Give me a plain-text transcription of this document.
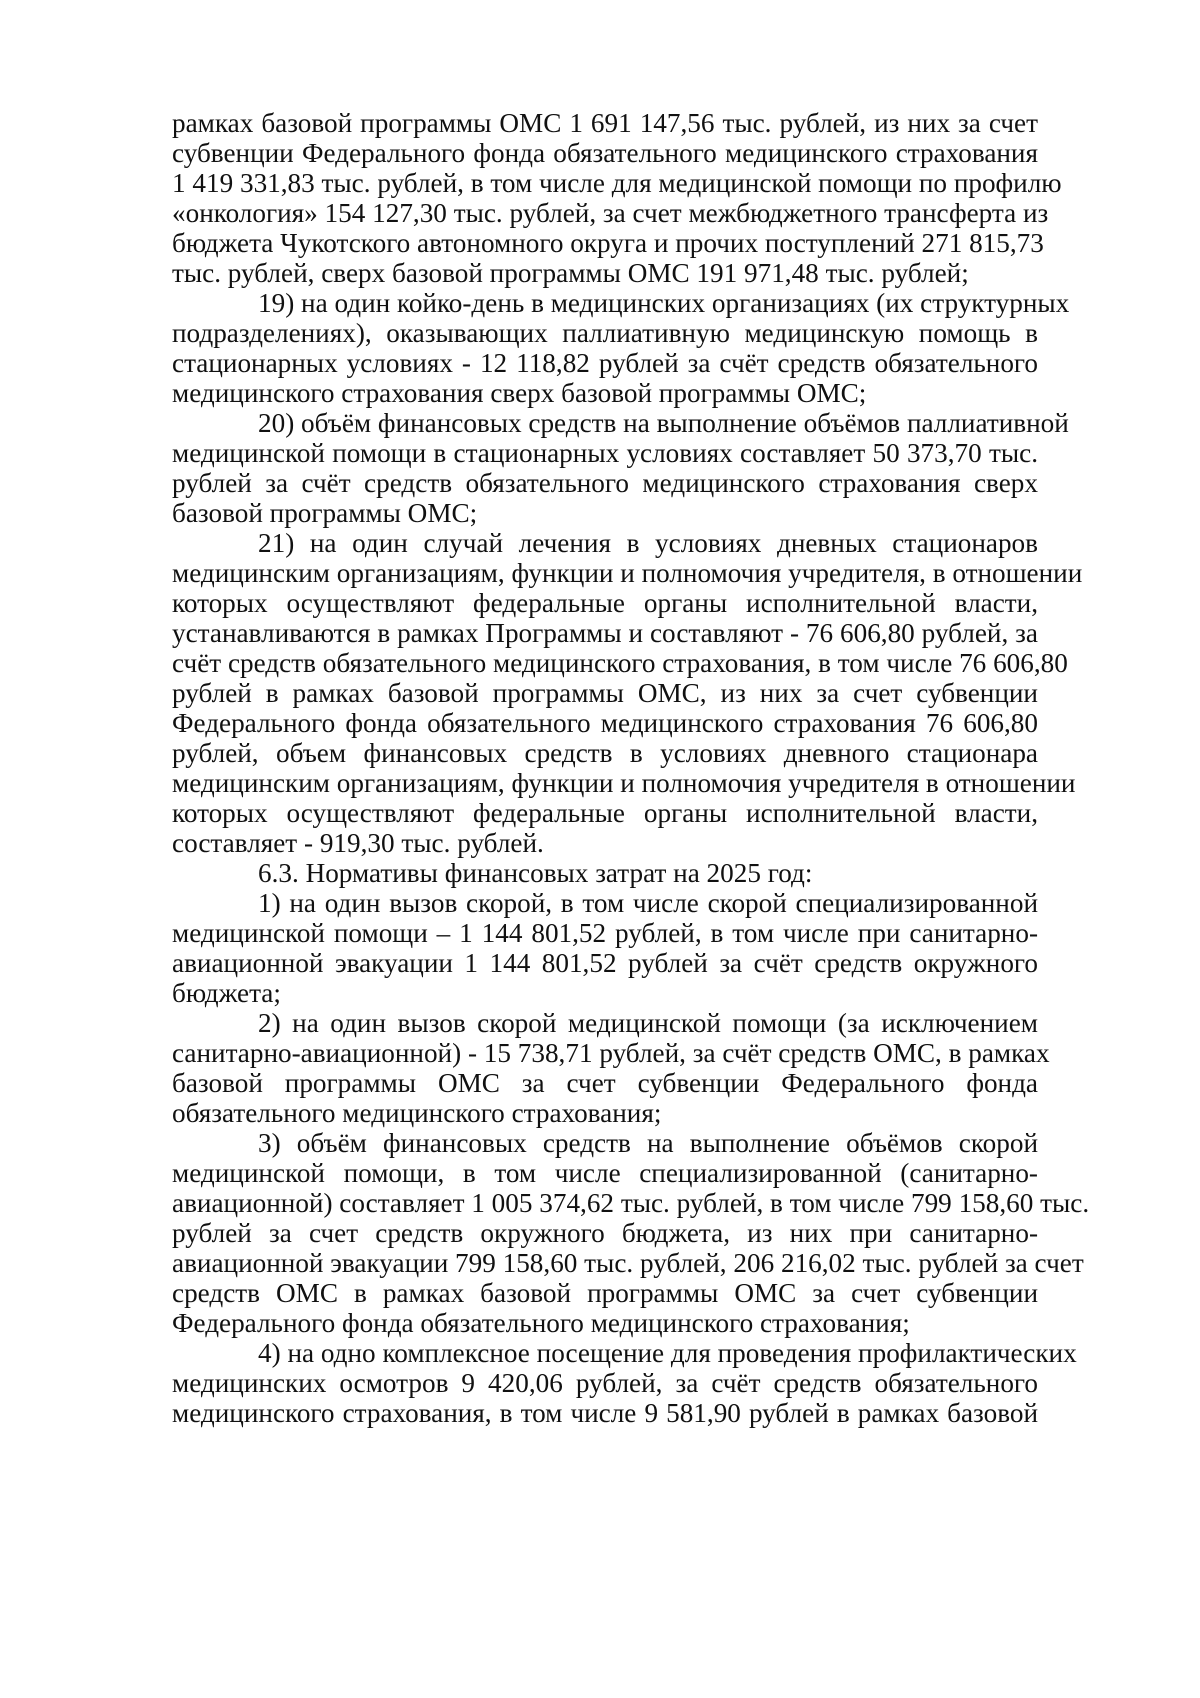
рамках базовой программы ОМС 1 691 147,56 тыс. рублей, из них за счет
субвенции Федерального фонда обязательного медицинского страхования
1 419 331,83 тыс. рублей, в том числе для медицинской помощи по профилю
«онкология» 154 127,30 тыс. рублей, за счет межбюджетного трансферта из
бюджета Чукотского автономного округа и прочих поступлений 271 815,73
тыс. рублей, сверх базовой программы ОМС 191 971,48 тыс. рублей;
19) на один койко-день в медицинских организациях (их структурных
подразделениях), оказывающих паллиативную медицинскую помощь в
стационарных условиях - 12 118,82 рублей за счёт средств обязательного
медицинского страхования сверх базовой программы ОМС;
20) объём финансовых средств на выполнение объёмов паллиативной
медицинской помощи в стационарных условиях составляет 50 373,70 тыс.
рублей за счёт средств обязательного медицинского страхования сверх
базовой программы ОМС;
21) на один случай лечения в условиях дневных стационаров
медицинским организациям, функции и полномочия учредителя, в отношении
которых осуществляют федеральные органы исполнительной власти,
устанавливаются в рамках Программы и составляют - 76 606,80 рублей, за
счёт средств обязательного медицинского страхования, в том числе 76 606,80
рублей в рамках базовой программы ОМС, из них за счет субвенции
Федерального фонда обязательного медицинского страхования 76 606,80
рублей, объем финансовых средств в условиях дневного стационара
медицинским организациям, функции и полномочия учредителя в отношении
которых осуществляют федеральные органы исполнительной власти,
составляет - 919,30 тыс. рублей.
6.3. Нормативы финансовых затрат на 2025 год:
1) на один вызов скорой, в том числе скорой специализированной
медицинской помощи – 1 144 801,52 рублей, в том числе при санитарно-
авиационной эвакуации 1 144 801,52 рублей за счёт средств окружного
бюджета;
2) на один вызов скорой медицинской помощи (за исключением
санитарно-авиационной) - 15 738,71 рублей, за счёт средств ОМС, в рамках
базовой программы ОМС за счет субвенции Федерального фонда
обязательного медицинского страхования;
3) объём финансовых средств на выполнение объёмов скорой
медицинской помощи, в том числе специализированной (санитарно-
авиационной) составляет 1 005 374,62 тыс. рублей, в том числе 799 158,60 тыс.
рублей за счет средств окружного бюджета, из них при санитарно-
авиационной эвакуации 799 158,60 тыс. рублей, 206 216,02 тыс. рублей за счет
средств ОМС в рамках базовой программы ОМС за счет субвенции
Федерального фонда обязательного медицинского страхования;
4) на одно комплексное посещение для проведения профилактических
медицинских осмотров 9 420,06 рублей, за счёт средств обязательного
медицинского страхования, в том числе 9 581,90 рублей в рамках базовой
